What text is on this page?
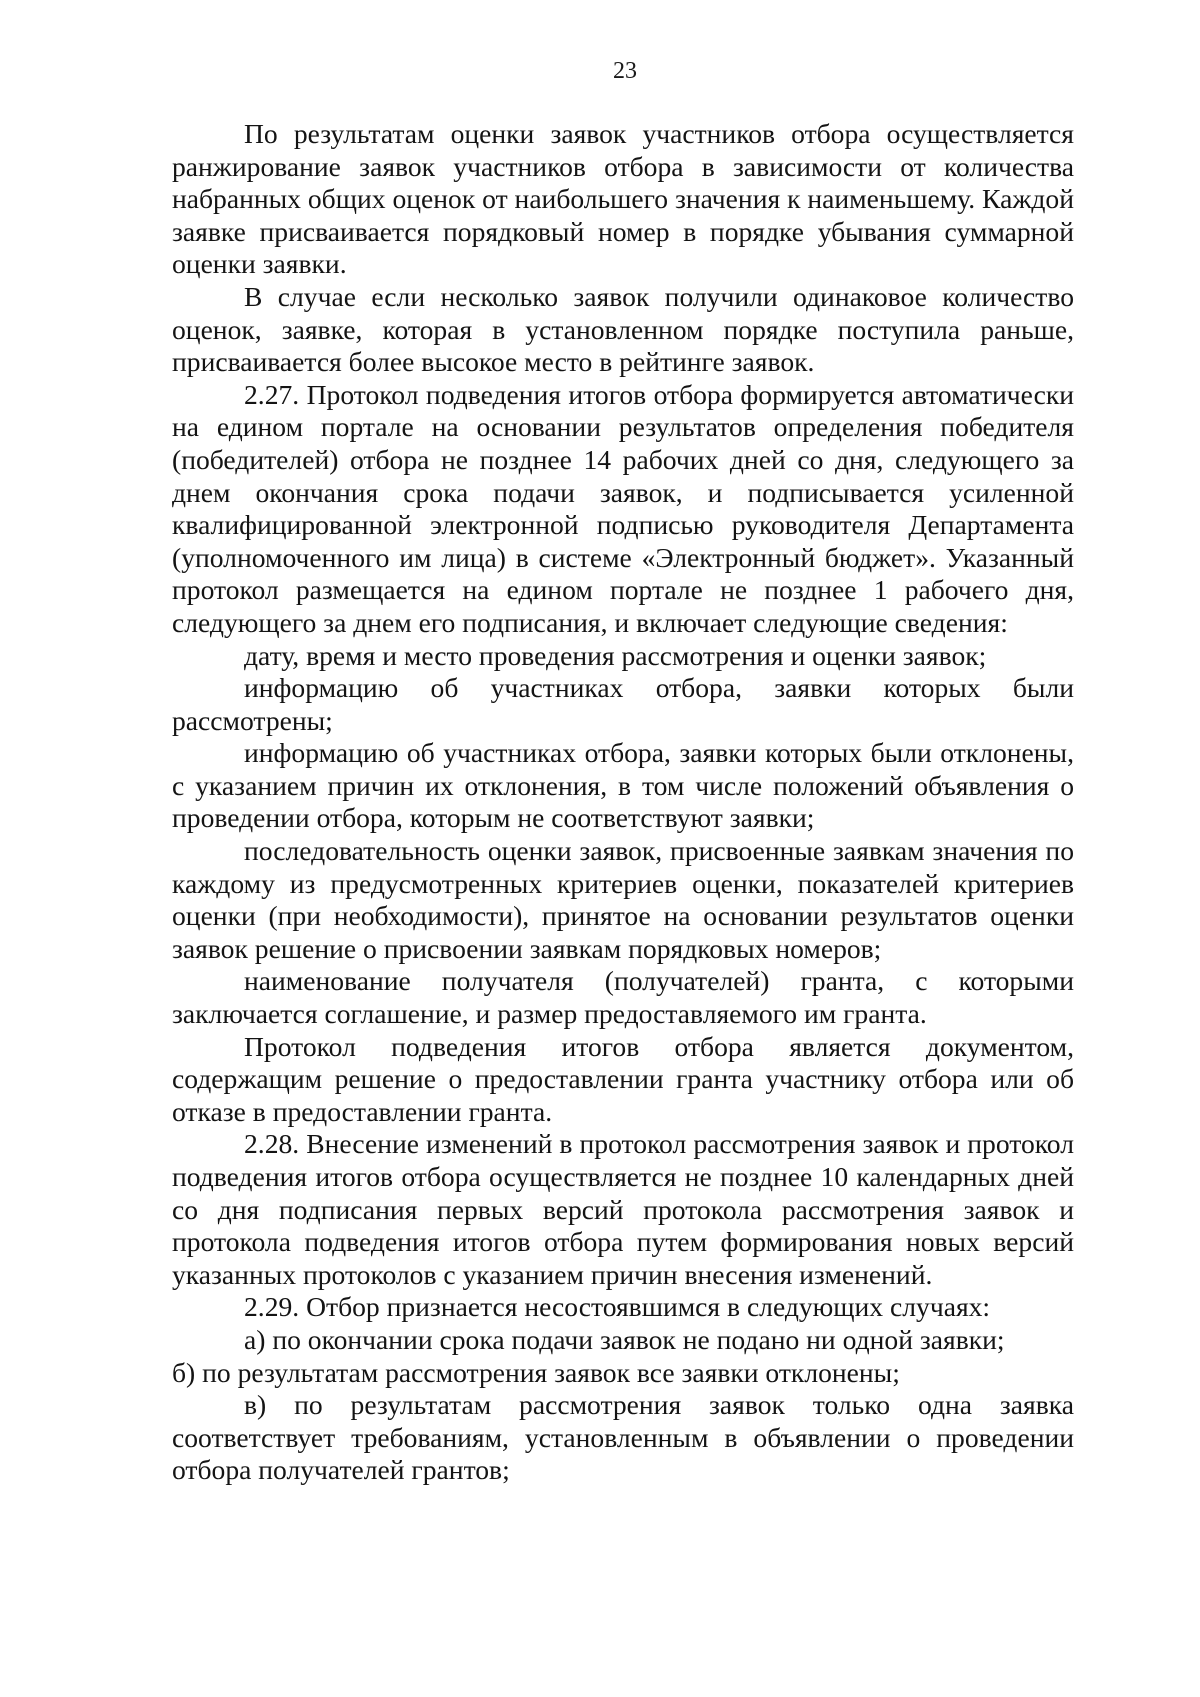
23

По результатам оценки заявок участников отбора осуществляется ранжирование заявок участников отбора в зависимости от количества набранных общих оценок от наибольшего значения к наименьшему. Каждой заявке присваивается порядковый номер в порядке убывания суммарной оценки заявки.

В случае если несколько заявок получили одинаковое количество оценок, заявке, которая в установленном порядке поступила раньше, присваивается более высокое место в рейтинге заявок.

2.27. Протокол подведения итогов отбора формируется автоматически на едином портале на основании результатов определения победителя (победителей) отбора не позднее 14 рабочих дней со дня, следующего за днем окончания срока подачи заявок, и подписывается усиленной квалифицированной электронной подписью руководителя Департамента (уполномоченного им лица) в системе «Электронный бюджет». Указанный протокол размещается на едином портале не позднее 1 рабочего дня, следующего за днем его подписания, и включает следующие сведения:

дату, время и место проведения рассмотрения и оценки заявок;

информацию об участниках отбора, заявки которых были рассмотрены;

информацию об участниках отбора, заявки которых были отклонены, с указанием причин их отклонения, в том числе положений объявления о проведении отбора, которым не соответствуют заявки;

последовательность оценки заявок, присвоенные заявкам значения по каждому из предусмотренных критериев оценки, показателей критериев оценки (при необходимости), принятое на основании результатов оценки заявок решение о присвоении заявкам порядковых номеров;

наименование получателя (получателей) гранта, с которыми заключается соглашение, и размер предоставляемого им гранта.

Протокол подведения итогов отбора является документом, содержащим решение о предоставлении гранта участнику отбора или об отказе в предоставлении гранта.

2.28. Внесение изменений в протокол рассмотрения заявок и протокол подведения итогов отбора осуществляется не позднее 10 календарных дней со дня подписания первых версий протокола рассмотрения заявок и протокола подведения итогов отбора путем формирования новых версий указанных протоколов с указанием причин внесения изменений.

2.29. Отбор признается несостоявшимся в следующих случаях:

а) по окончании срока подачи заявок не подано ни одной заявки;

б) по результатам рассмотрения заявок все заявки отклонены;

в) по результатам рассмотрения заявок только одна заявка соответствует требованиям, установленным в объявлении о проведении отбора получателей грантов;
